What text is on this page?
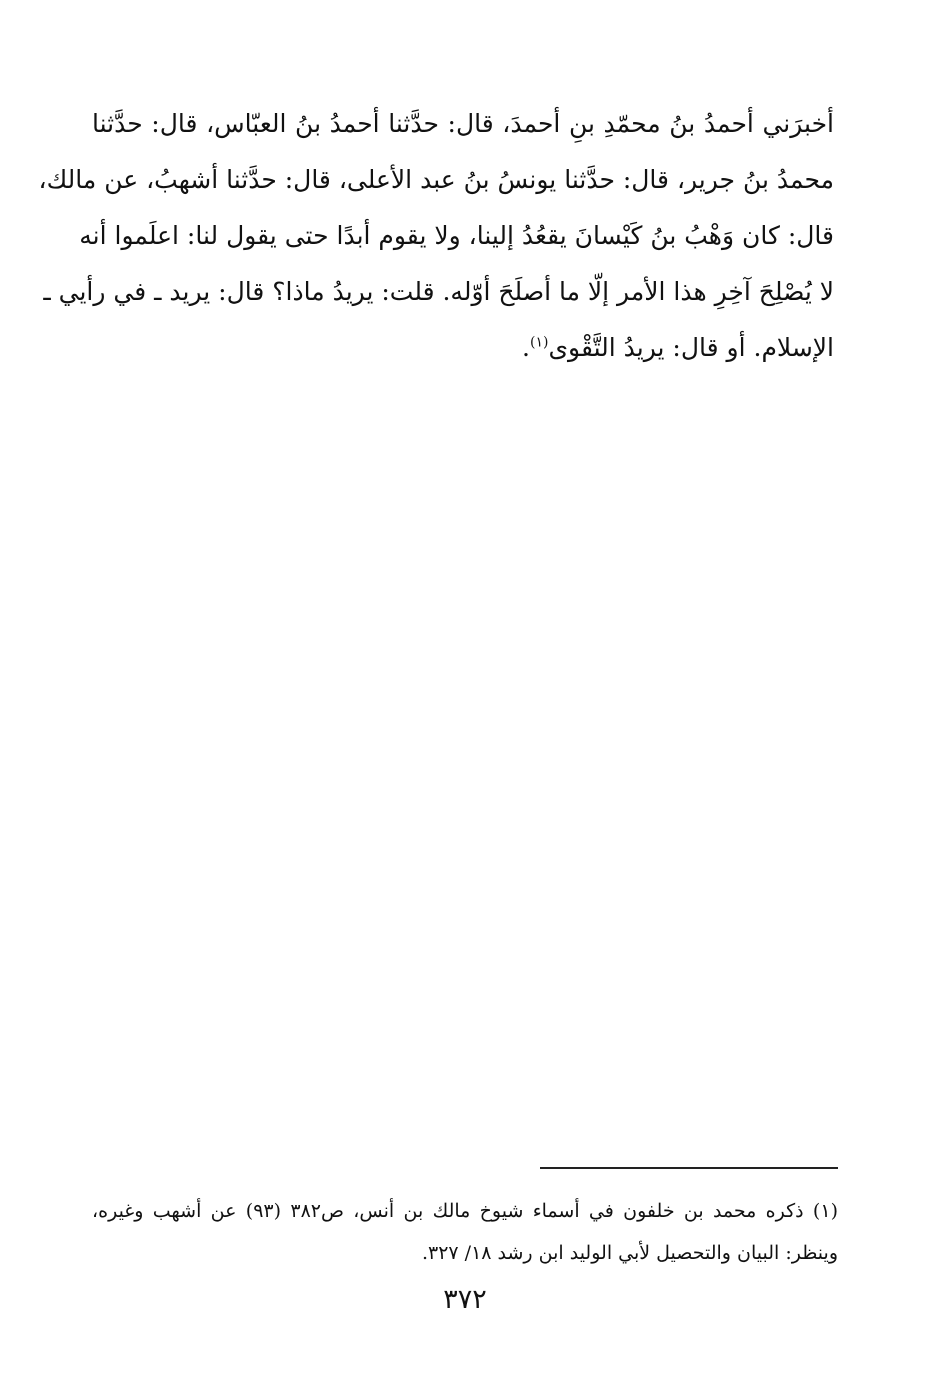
أخبرَني أحمدُ بنُ محمّدِ بنِ أحمدَ، قال: حدَّثنا أحمدُ بنُ العبّاس، قال: حدَّثنا
محمدُ بنُ جرير، قال: حدَّثنا يونسُ بنُ عبد الأعلى، قال: حدَّثنا أشهبُ، عن مالك،
قال: كان وَهْبُ بنُ كَيْسانَ يقعُدُ إلينا، ولا يقوم أبدًا حتى يقول لنا: اعلَموا أنه
لا يُصْلِحَ آخِرِ هذا الأمر إلّا ما أصلَحَ أوّله. قلت: يريدُ ماذا؟ قال: يريد ـ في رأيي ـ
الإسلام. أو قال: يريدُ التَّقْوى$^{(١)}$.
(١) ذكره محمد بن خلفون في أسماء شيوخ مالك بن أنس، ص٣٨٢ (٩٣) عن أشهب وغيره،
وينظر: البيان والتحصيل لأبي الوليد ابن رشد ١٨/ ٣٢٧.
٣٧٢
